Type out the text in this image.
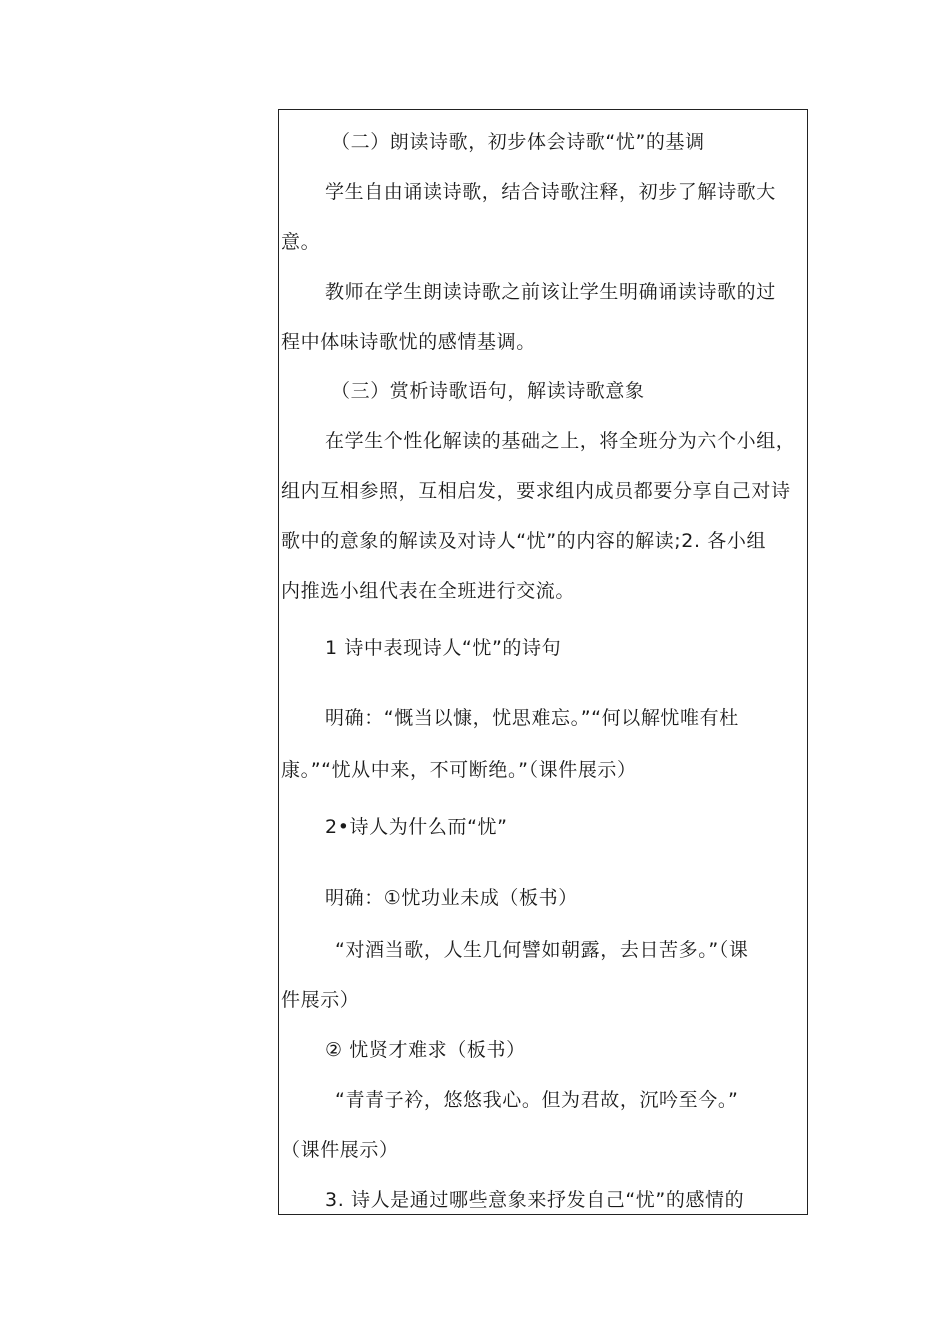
（二）朗读诗歌，初步体会诗歌“忧”的基调
学生自由诵读诗歌，结合诗歌注释，初步了解诗歌大
意。
教师在学生朗读诗歌之前该让学生明确诵读诗歌的过
程中体味诗歌忧的感情基调。
（三）赏析诗歌语句，解读诗歌意象
在学生个性化解读的基础之上，将全班分为六个小组，
组内互相参照，互相启发，要求组内成员都要分享自己对诗
歌中的意象的解读及对诗人“忧”的内容的解读;2. 各小组
内推选小组代表在全班进行交流。
1 诗中表现诗人“忧”的诗句
明确：“慨当以慷，忧思难忘。”“何以解忧唯有杜
康。”“忧从中来，不可断绝。”（课件展示）
2•诗人为什么而“忧”
明确：①忧功业未成（板书）
“对酒当歌，人生几何譬如朝露，去日苦多。”（课
件展示）
② 忧贤才难求（板书）
“青青子衿，悠悠我心。但为君故，沉吟至今。”
（课件展示）
3. 诗人是通过哪些意象来抒发自己“忧”的感情的
